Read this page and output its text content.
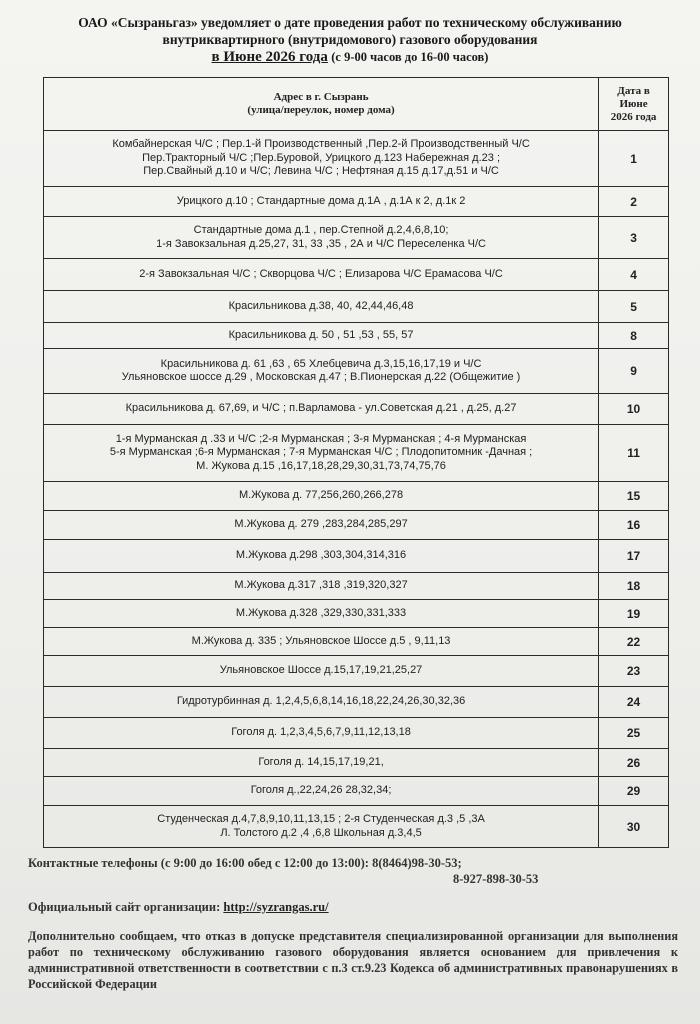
ОАО «Сызраньгаз» уведомляет о дате проведения работ по техническому обслуживанию
внутриквартирного (внутридомового) газового оборудования
в Июне 2026 года (с 9-00 часов до 16-00 часов)
Адрес в г. Сызрань
(улица/переулок, номер дома)	Дата в
Июне
2026 года

Комбайнерская Ч/С ; Пер.1-й Производственный ,Пер.2-й Производственный Ч/С
Пер.Тракторный Ч/С ;Пер.Буровой, Урицкого д.123 Набережная д.23 ;
Пер.Свайный д.10 и Ч/С; Левина Ч/С ; Нефтяная д.15 д.17,д.51 и Ч/С	1

Урицкого д.10 ; Стандартные дома д.1А , д.1А к 2, д.1к 2	2

Стандартные дома д.1 , пер.Степной д.2,4,6,8,10;
1-я Завокзальная д.25,27, 31, 33 ,35 , 2А и Ч/С Переселенка Ч/С	3

2-я Завокзальная Ч/С ; Скворцова Ч/С ; Елизарова Ч/С Ерамасова Ч/С	4

Красильникова д.38, 40, 42,44,46,48	5

Красильникова д. 50 , 51 ,53 , 55, 57	8

Красильникова д. 61 ,63 , 65 Хлебцевича д.3,15,16,17,19 и Ч/С
Ульяновское шоссе д.29 , Московская д.47 ; В.Пионерская д.22 (Общежитие )	9

Красильникова д. 67,69, и Ч/С ; п.Варламова - ул.Советская д.21 , д.25, д.27	10

1-я Мурманская д .33 и Ч/С ;2-я Мурманская ; 3-я Мурманская ; 4-я Мурманская
5-я Мурманская ;6-я Мурманская ; 7-я Мурманская Ч/С ; Плодопитомник -Дачная ;
М. Жукова д.15 ,16,17,18,28,29,30,31,73,74,75,76	11

М.Жукова д. 77,256,260,266,278	15

М.Жукова д. 279 ,283,284,285,297	16

М.Жукова д.298 ,303,304,314,316	17

М.Жукова д.317 ,318 ,319,320,327	18

М.Жукова д.328 ,329,330,331,333	19

М.Жукова д. 335 ; Ульяновское Шоссе д.5 , 9,11,13	22

Ульяновское Шоссе д.15,17,19,21,25,27	23

Гидротурбинная д. 1,2,4,5,6,8,14,16,18,22,24,26,30,32,36	24

Гоголя д. 1,2,3,4,5,6,7,9,11,12,13,18	25

Гоголя д. 14,15,17,19,21,	26

Гоголя д.,22,24,26 28,32,34;	29

Студенческая д.4,7,8,9,10,11,13,15 ; 2-я Студенческая д.3 ,5 ,3А
Л. Толстого д.2 ,4 ,6,8 Школьная д.3,4,5	30
Контактные телефоны (с 9:00 до 16:00 обед с 12:00 до 13:00): 8(8464)98-30-53;
8-927-898-30-53
Официальный сайт организации: http://syzrangas.ru/
Дополнительно сообщаем, что отказ в допуске представителя специализированной организации для выполнения работ по техническому обслуживанию газового оборудования является основанием для привлечения к административной ответственности в соответствии с п.3 ст.9.23 Кодекса об административных правонарушениях в Российской Федерации
